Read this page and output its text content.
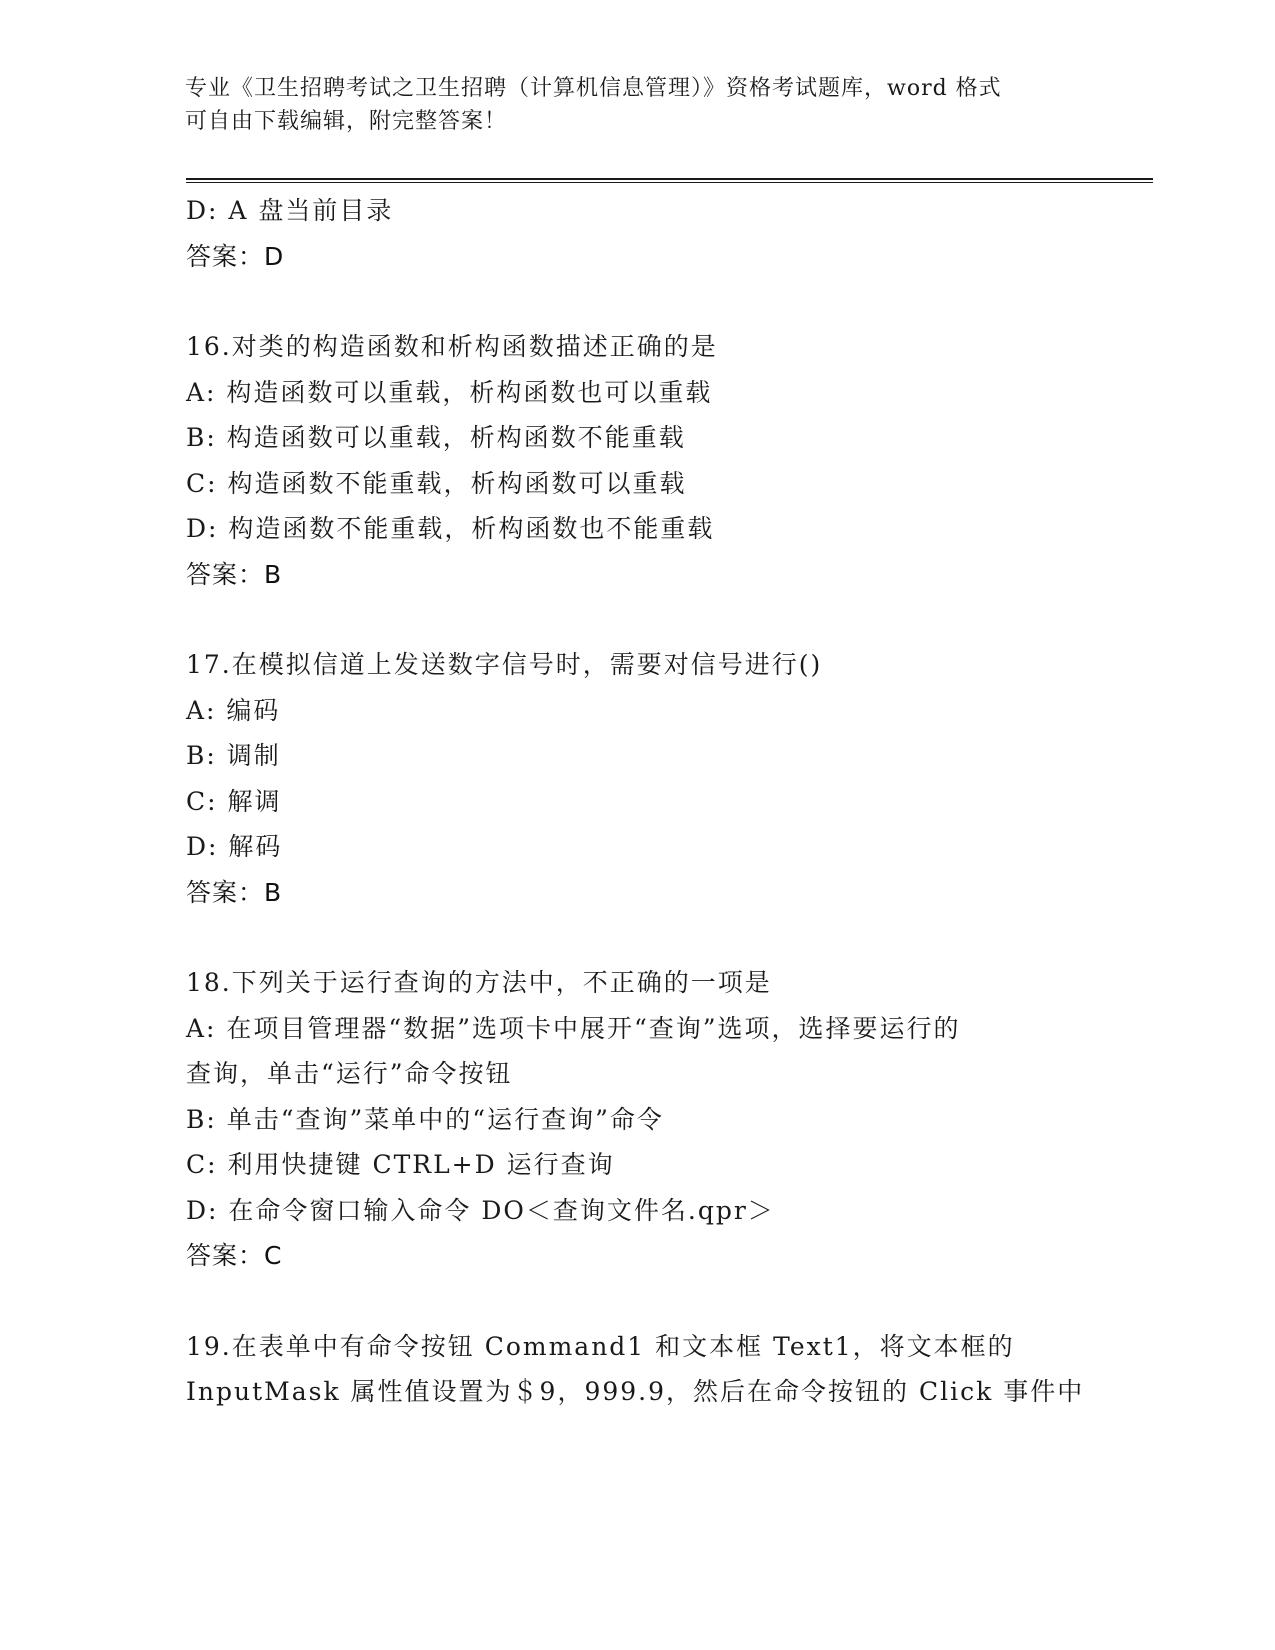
专业《卫生招聘考试之卫生招聘（计算机信息管理）》资格考试题库，word 格式
可自由下载编辑，附完整答案！
D: A 盘当前目录
答案：D
16.对类的构造函数和析构函数描述正确的是
A: 构造函数可以重载，析构函数也可以重载
B: 构造函数可以重载，析构函数不能重载
C: 构造函数不能重载，析构函数可以重载
D: 构造函数不能重载，析构函数也不能重载
答案：B
17.在模拟信道上发送数字信号时，需要对信号进行()
A: 编码
B: 调制
C: 解调
D: 解码
答案：B
18.下列关于运行查询的方法中，不正确的一项是
A: 在项目管理器“数据”选项卡中展开“查询”选项，选择要运行的
查询，单击“运行”命令按钮
B: 单击“查询”菜单中的“运行查询”命令
C: 利用快捷键 CTRL+D 运行查询
D: 在命令窗口输入命令 DO＜查询文件名.qpr＞
答案：C
19.在表单中有命令按钮 Command1 和文本框 Text1，将文本框的
InputMask 属性值设置为＄9，999.9，然后在命令按钮的 Click 事件中
